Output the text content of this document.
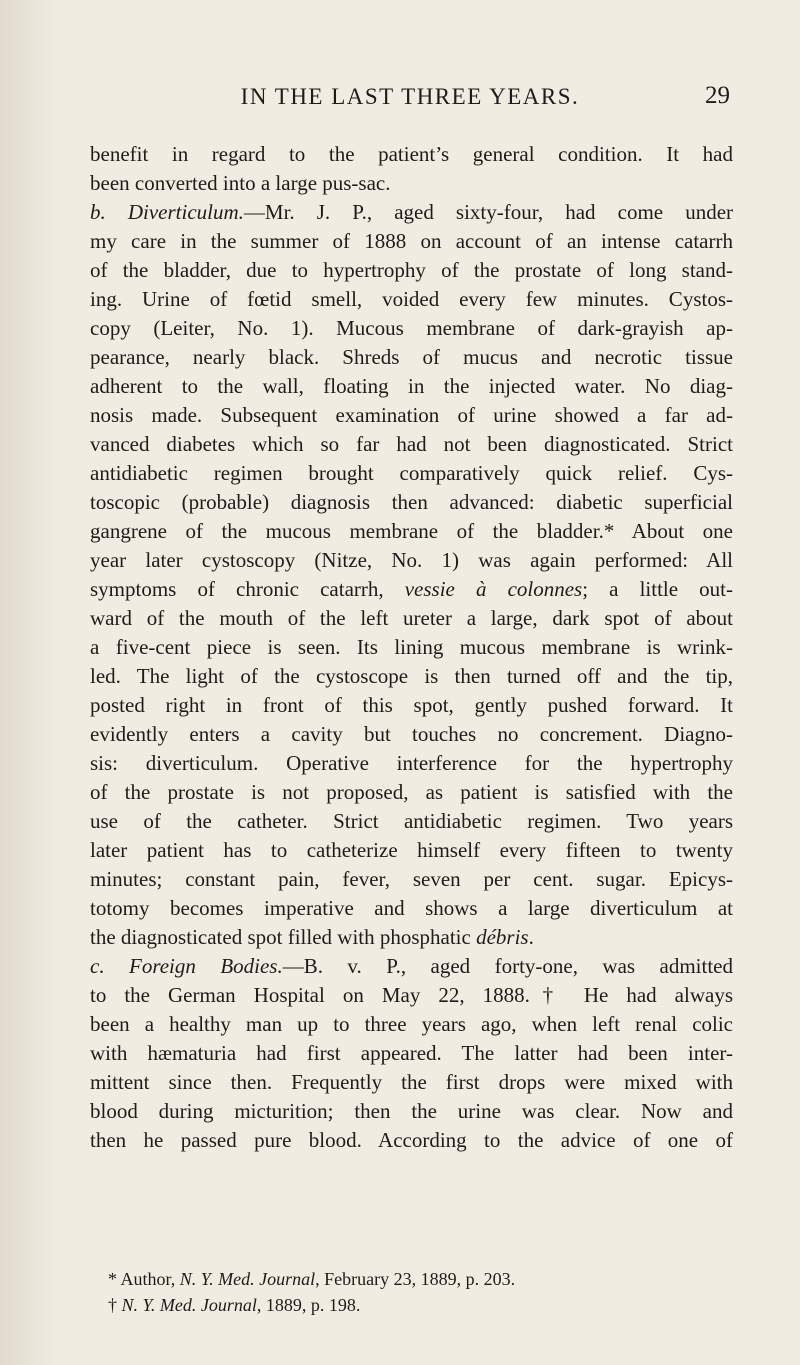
IN THE LAST THREE YEARS.	29
benefit in regard to the patient’s general condition. It had
been converted into a large pus-sac.
b. Diverticulum.—Mr. J. P., aged sixty-four, had come under
my care in the summer of 1888 on account of an intense catarrh
of the bladder, due to hypertrophy of the prostate of long stand-
ing. Urine of fœtid smell, voided every few minutes. Cystos-
copy (Leiter, No. 1). Mucous membrane of dark-grayish ap-
pearance, nearly black. Shreds of mucus and necrotic tissue
adherent to the wall, floating in the injected water. No diag-
nosis made. Subsequent examination of urine showed a far ad-
vanced diabetes which so far had not been diagnosticated. Strict
antidiabetic regimen brought comparatively quick relief. Cys-
toscopic (probable) diagnosis then advanced: diabetic superficial
gangrene of the mucous membrane of the bladder.* About one
year later cystoscopy (Nitze, No. 1) was again performed: All
symptoms of chronic catarrh, vessie à colonnes; a little out-
ward of the mouth of the left ureter a large, dark spot of about
a five-cent piece is seen. Its lining mucous membrane is wrink-
led. The light of the cystoscope is then turned off and the tip,
posted right in front of this spot, gently pushed forward. It
evidently enters a cavity but touches no concrement. Diagno-
sis: diverticulum. Operative interference for the hypertrophy
of the prostate is not proposed, as patient is satisfied with the
use of the catheter. Strict antidiabetic regimen. Two years
later patient has to catheterize himself every fifteen to twenty
minutes; constant pain, fever, seven per cent. sugar. Epicys-
totomy becomes imperative and shows a large diverticulum at
the diagnosticated spot filled with phosphatic débris.
c. Foreign Bodies.—B. v. P., aged forty-one, was admitted
to the German Hospital on May 22, 1888.† He had always
been a healthy man up to three years ago, when left renal colic
with hæmaturia had first appeared. The latter had been inter-
mittent since then. Frequently the first drops were mixed with
blood during micturition; then the urine was clear. Now and
then he passed pure blood. According to the advice of one of
* Author, N. Y. Med. Journal, February 23, 1889, p. 203.
† N. Y. Med. Journal, 1889, p. 198.
